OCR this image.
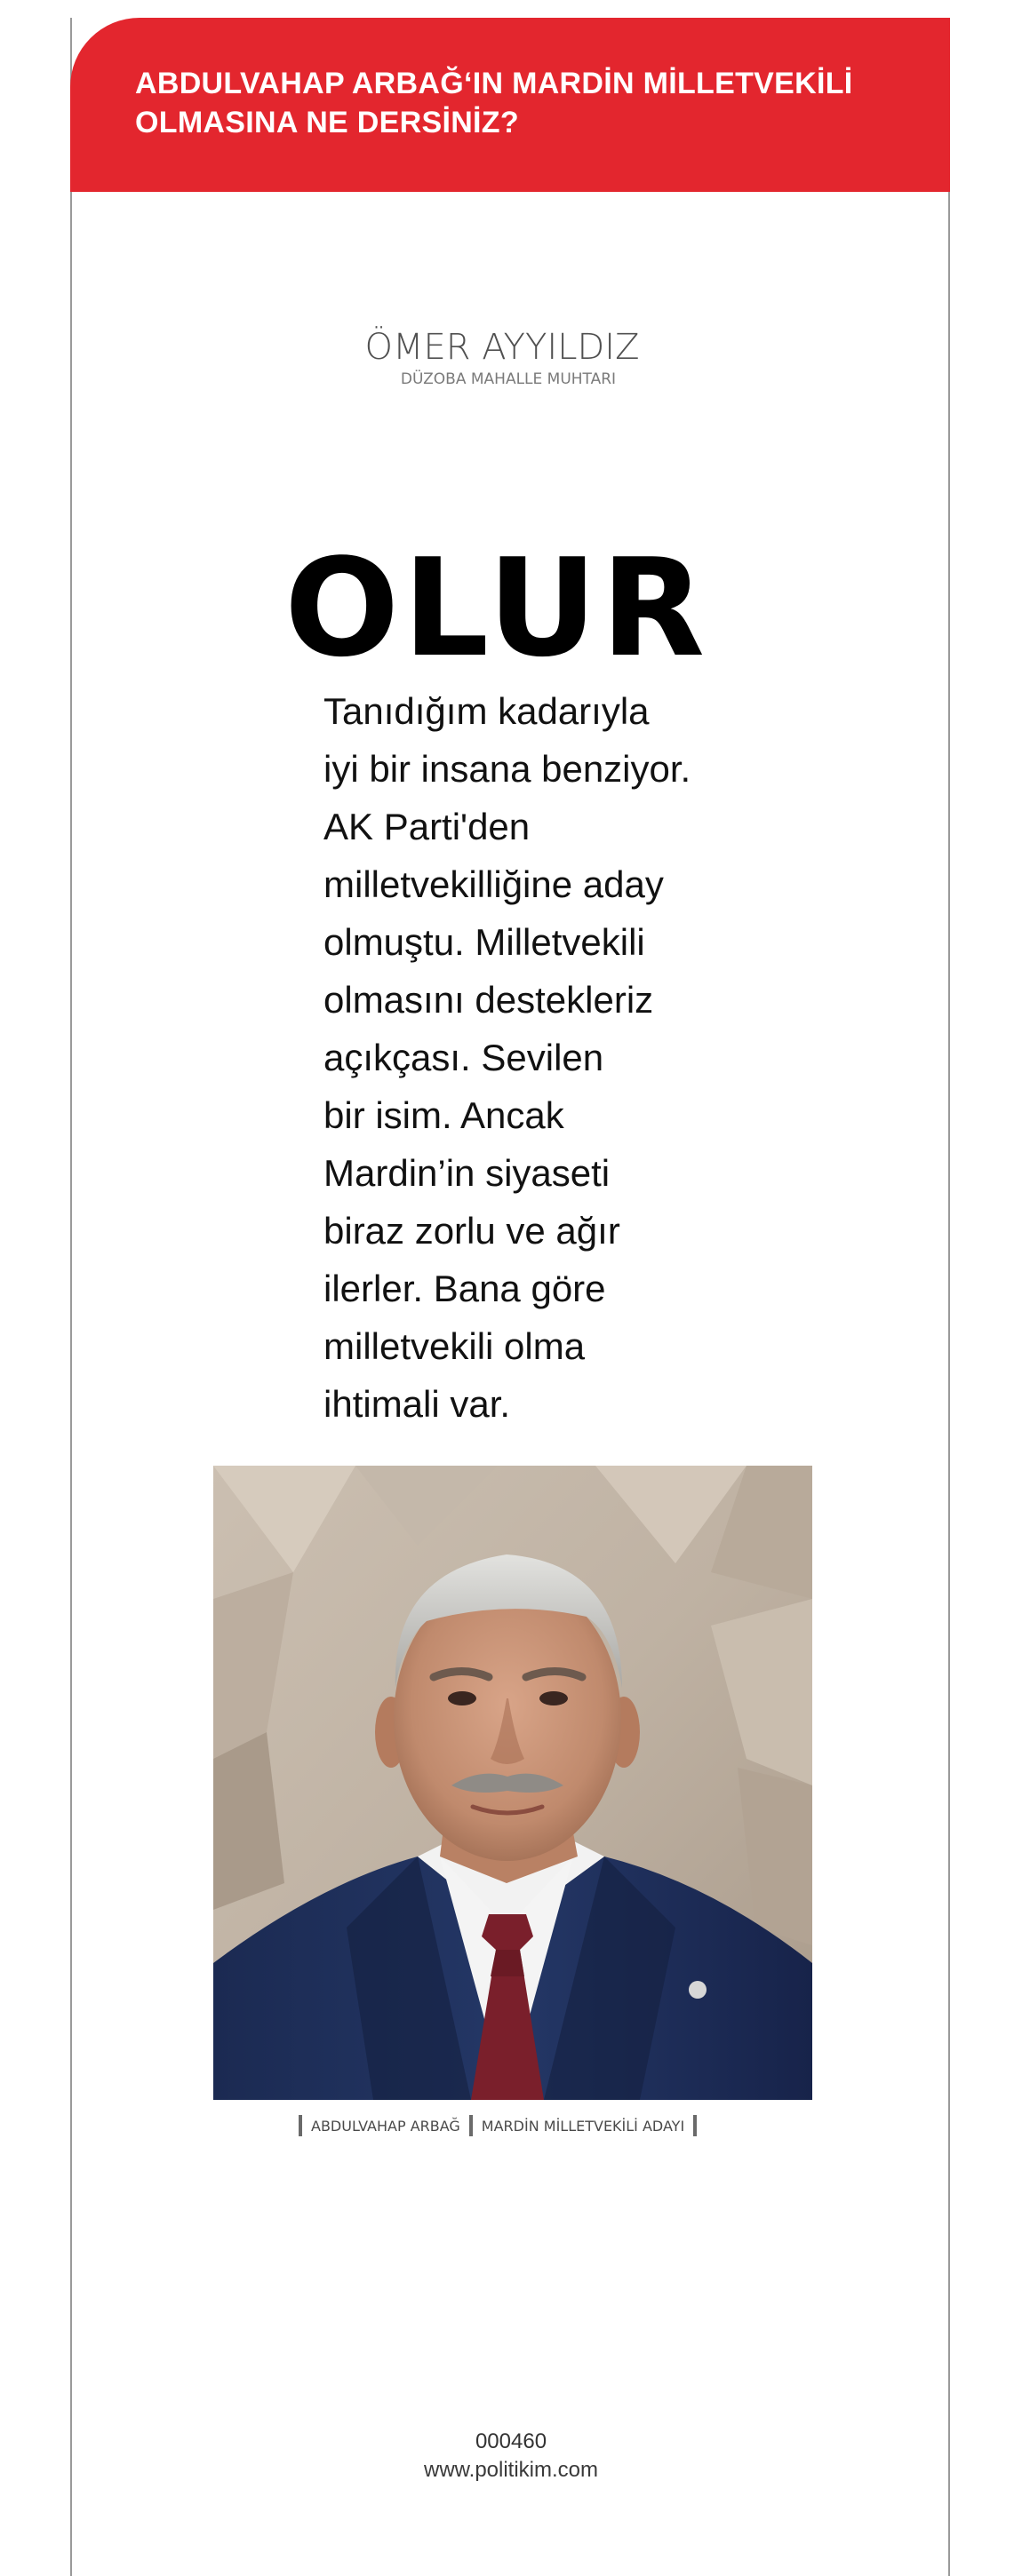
ABDULVAHAP ARBAĞ‘IN MARDİN MİLLETVEKİLİ
OLMASINA NE DERSİNİZ?
ÖMER AYYILDIZ
DÜZOBA MAHALLE MUHTARI
OLUR

Tanıdığım kadarıyla
iyi bir insana benziyor.
AK Parti'den
milletvekilliğine aday
olmuştu. Milletvekili
olmasını destekleriz
açıkçası. Sevilen
bir isim. Ancak
Mardin’in siyaseti
biraz zorlu ve ağır
ilerler. Bana göre
milletvekili olma
ihtimali var.

ABDULVAHAP ARBAĞ	MARDİN MİLLETVEKİLİ ADAYI
000460
www.politikim.com
